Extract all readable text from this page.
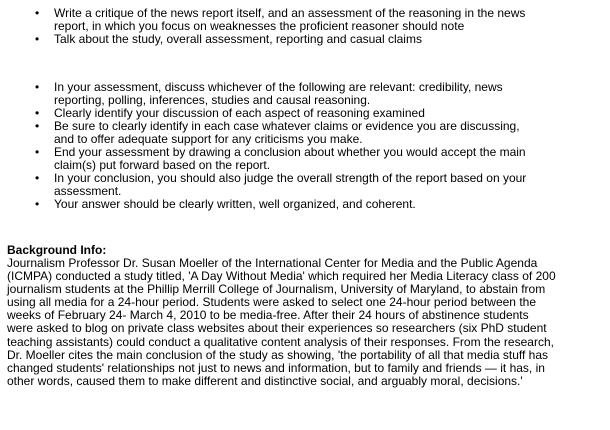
• Write a critique of the news report itself, and an assessment of the reasoning in the news report, in which you focus on weaknesses the proficient reasoner should note
• Talk about the study, overall assessment, reporting and casual claims
• In your assessment, discuss whichever of the following are relevant: credibility, news reporting, polling, inferences, studies and causal reasoning.
• Clearly identify your discussion of each aspect of reasoning examined
• Be sure to clearly identify in each case whatever claims or evidence you are discussing, and to offer adequate support for any criticisms you make.
• End your assessment by drawing a conclusion about whether you would accept the main claim(s) put forward based on the report.
• In your conclusion, you should also judge the overall strength of the report based on your assessment.
• Your answer should be clearly written, well organized, and coherent.
Background Info:

Journalism Professor Dr. Susan Moeller of the International Center for Media and the Public Agenda (ICMPA) conducted a study titled, 'A Day Without Media' which required her Media Literacy class of 200 journalism students at the Phillip Merrill College of Journalism, University of Maryland, to abstain from using all media for a 24-hour period. Students were asked to select one 24-hour period between the weeks of February 24- March 4, 2010 to be media-free. After their 24 hours of abstinence students were asked to blog on private class websites about their experiences so researchers (six PhD student teaching assistants) could conduct a qualitative content analysis of their responses. From the research, Dr. Moeller cites the main conclusion of the study as showing, 'the portability of all that media stuff has changed students' relationships not just to news and information, but to family and friends — it has, in other words, caused them to make different and distinctive social, and arguably moral, decisions.'
